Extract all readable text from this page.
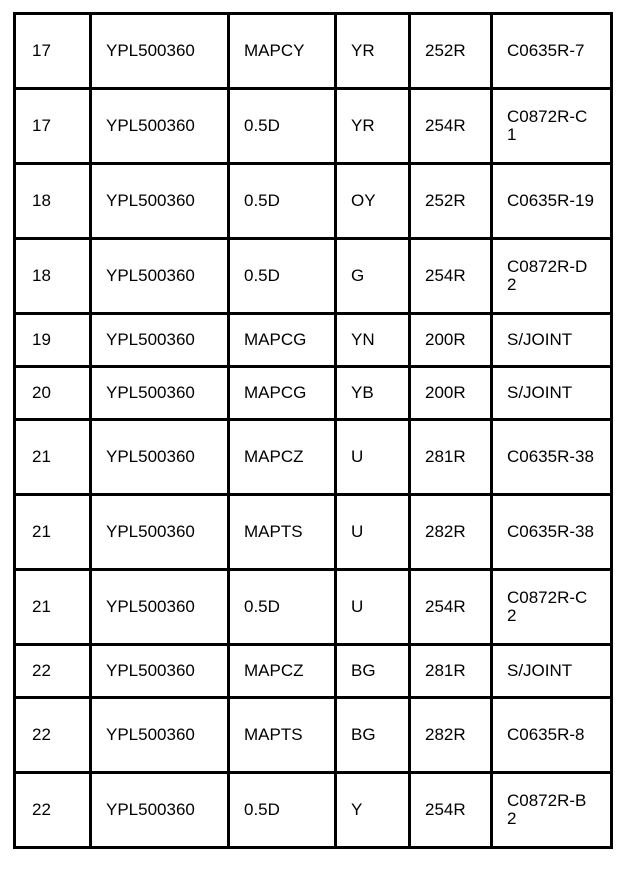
17	YPL500360	MAPCY	YR	252R	C0635R-7

17	YPL500360	0.5D	YR	254R	C0872R-C1

18	YPL500360	0.5D	OY	252R	C0635R-19

18	YPL500360	0.5D	G	254R	C0872R-D2

19	YPL500360	MAPCG	YN	200R	S/JOINT

20	YPL500360	MAPCG	YB	200R	S/JOINT

21	YPL500360	MAPCZ	U	281R	C0635R-38

21	YPL500360	MAPTS	U	282R	C0635R-38

21	YPL500360	0.5D	U	254R	C0872R-C2

22	YPL500360	MAPCZ	BG	281R	S/JOINT

22	YPL500360	MAPTS	BG	282R	C0635R-8

22	YPL500360	0.5D	Y	254R	C0872R-B2
